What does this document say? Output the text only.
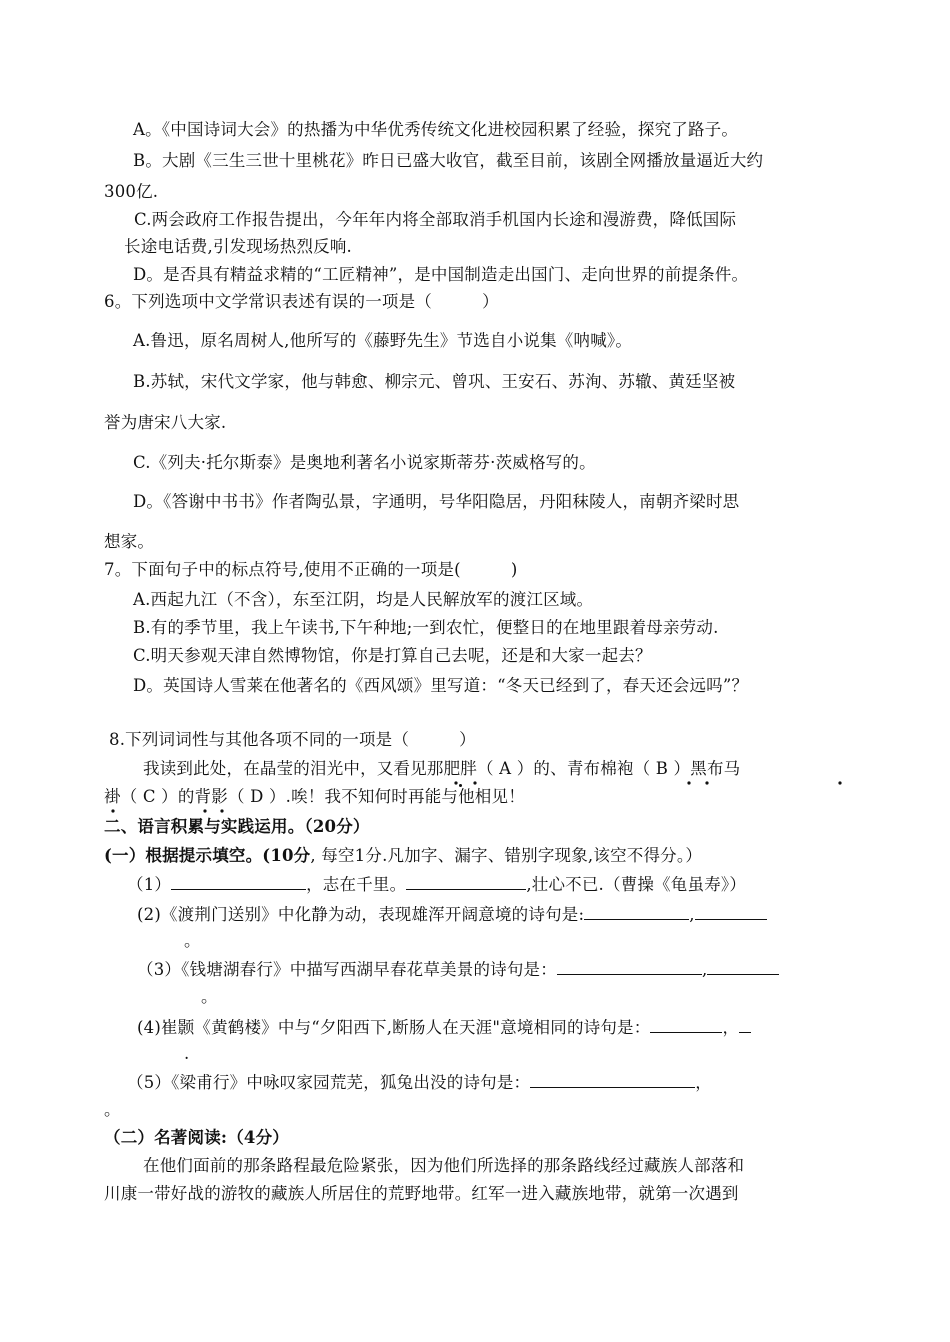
A。《中国诗词大会》的热播为中华优秀传统文化进校园积累了经验，探究了路子。
B。大剧《三生三世十里桃花》昨日已盛大收官，截至目前，该剧全网播放量逼近大约
300亿.
C.两会政府工作报告提出，今年年内将全部取消手机国内长途和漫游费，降低国际
长途电话费,引发现场热烈反响.
D。是否具有精益求精的“工匠精神”，是中国制造走出国门、走向世界的前提条件。
6。下列选项中文学常识表述有误的一项是（　　　）
A.鲁迅，原名周树人,他所写的《藤野先生》节选自小说集《呐喊》。
B.苏轼，宋代文学家，他与韩愈、柳宗元、曾巩、王安石、苏洵、苏辙、黄廷坚被
誉为唐宋八大家.
C.《列夫·托尔斯泰》是奥地利著名小说家斯蒂芬·茨威格写的。
D。《答谢中书书》作者陶弘景，字通明，号华阳隐居，丹阳秣陵人，南朝齐梁时思
想家。
7。下面句子中的标点符号,使用不正确的一项是(　　　)
A.西起九江（不含），东至江阴，均是人民解放军的渡江区域。
B.有的季节里，我上午读书,下午种地;一到农忙，便整日的在地里跟着母亲劳动.
C.明天参观天津自然博物馆，你是打算自己去呢，还是和大家一起去？
D。英国诗人雪莱在他著名的《西风颂》里写道：“冬天已经到了，春天还会远吗”？
8.下列词词性与其他各项不同的一项是（　　　）
我读到此处，在晶莹的泪光中，又看见那肥胖（ A ）的、青布棉袍（ B ）黑布马
褂（ C ）的背影（ D ）.唉！我不知何时再能与他相见！
二、语言积累与实践运用。（20分）
(一）根据提示填空。(10分, 每空1分.凡加字、漏字、错别字现象,该空不得分。）
（1）	，志在千里。	,壮心不已.（曹操《龟虽寿》）
(2)《渡荆门送别》中化静为动，表现雄浑开阔意境的诗句是:	,
。
（3）《钱塘湖春行》中描写西湖早春花草美景的诗句是：	,
。
(4)崔颢《黄鹤楼》中与“夕阳西下,断肠人在天涯"意境相同的诗句是：	，
.
（5）《梁甫行》中咏叹家园荒芜，狐兔出没的诗句是：	，
。
（二）名著阅读:（4分）
在他们面前的那条路程最危险紧张，因为他们所选择的那条路线经过藏族人部落和
川康一带好战的游牧的藏族人所居住的荒野地带。红军一进入藏族地带，就第一次遇到
